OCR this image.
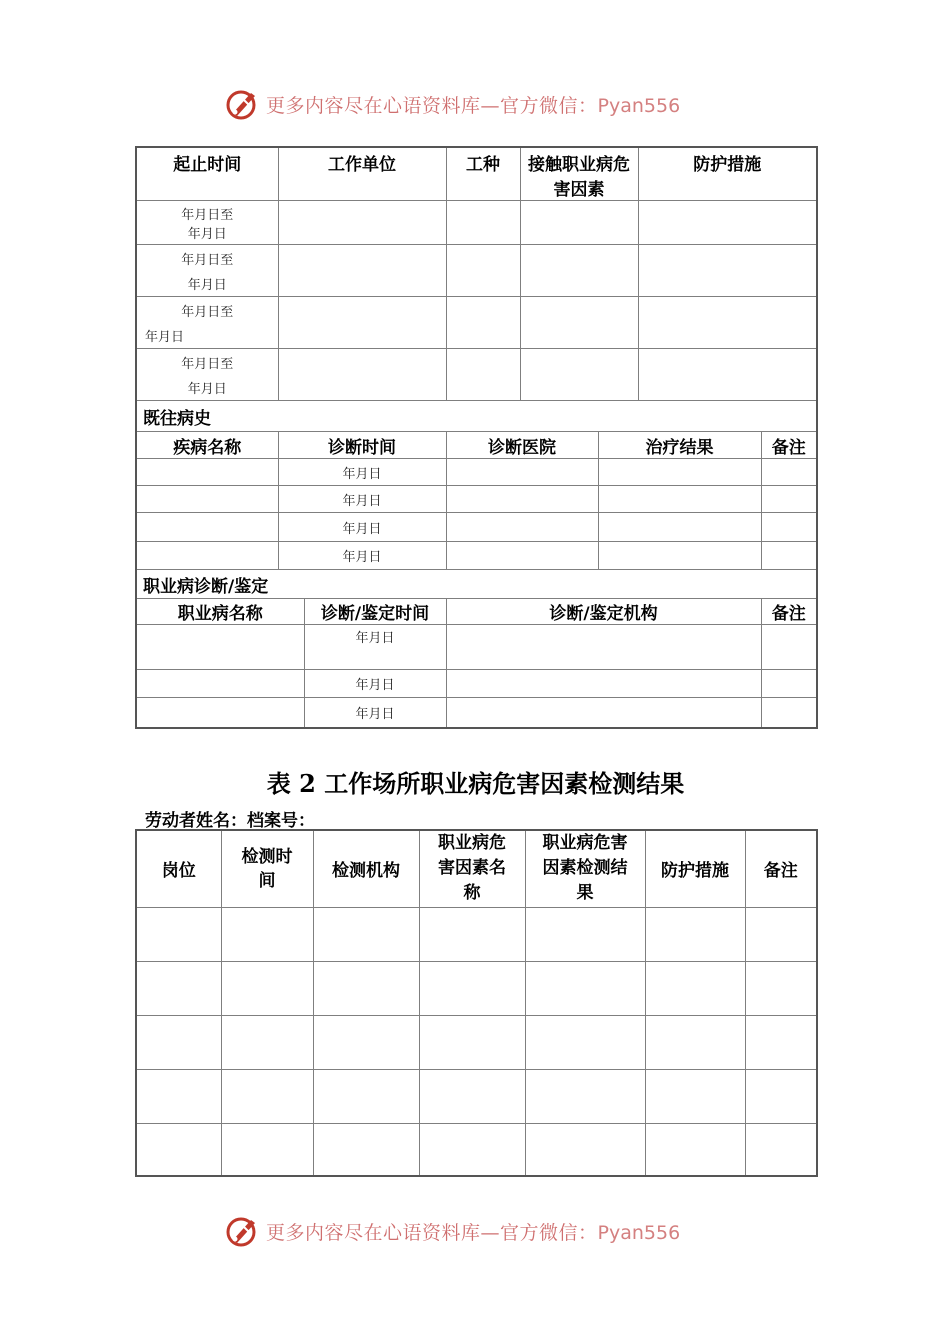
更多内容尽在心语资料库—官方微信：Pyan556
起止时间	工作单位		工种	接触职业病危害因素		防护措施	

年月日至
年月日							

年月日至
年月日							

年月日至
年月日							

年月日至
年月日							

既往病史							
疾病名称	诊断时间		诊断医院		治疗结果		备注
	年月日						
	年月日						
	年月日						
	年月日						
职业病诊断/鉴定							
职业病名称		诊断/鉴定时间	诊断/鉴定机构				备注
		年月日					
		年月日					
		年月日					
表 2 工作场所职业病危害因素检测结果
劳动者姓名：档案号：
岗位	检测时间	检测机构	职业病危害因素名称	职业病危害因素检测结果	防护措施	备注

更多内容尽在心语资料库—官方微信：Pyan556
